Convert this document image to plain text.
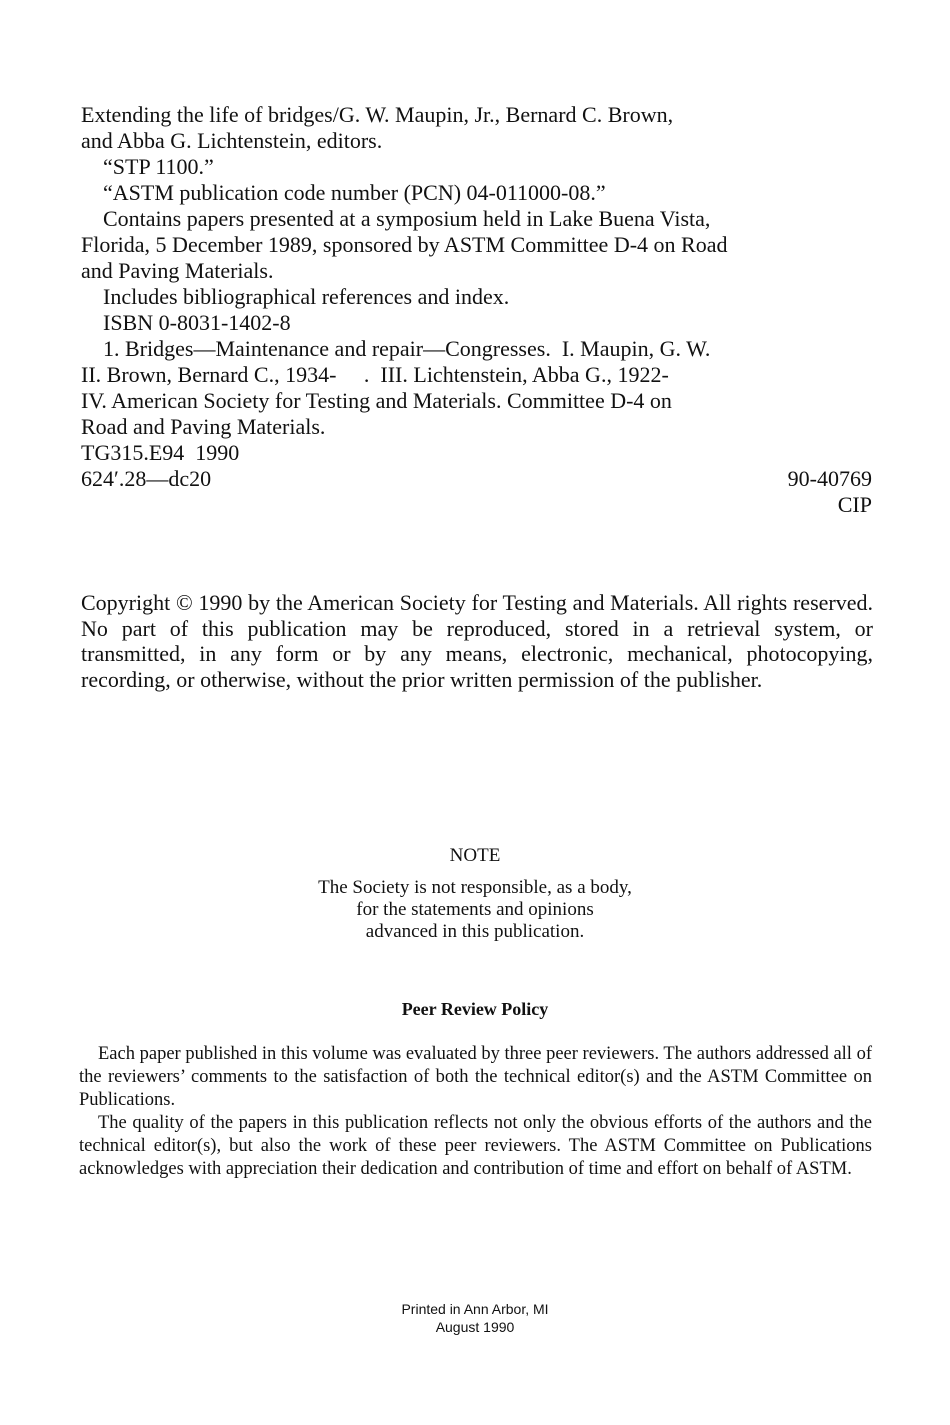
Extending the life of bridges/G. W. Maupin, Jr., Bernard C. Brown,
and Abba G. Lichtenstein, editors.
“STP 1100.”
“ASTM publication code number (PCN) 04-011000-08.”
Contains papers presented at a symposium held in Lake Buena Vista,
Florida, 5 December 1989, sponsored by ASTM Committee D-4 on Road
and Paving Materials.
Includes bibliographical references and index.
ISBN 0-8031-1402-8
1. Bridges—Maintenance and repair—Congresses.  I. Maupin, G. W.
II. Brown, Bernard C., 1934-     .  III. Lichtenstein, Abba G., 1922-
IV. American Society for Testing and Materials. Committee D-4 on
Road and Paving Materials.
TG315.E94  1990
624′.28—dc20	90-40769
CIP
Copyright © 1990 by the American Society for Testing and Materials. All rights reserved. No part of this publication may be reproduced, stored in a retrieval system, or transmitted, in any form or by any means, electronic, mechanical, photocopying, recording, or otherwise, without the prior written permission of the publisher.
NOTE
The Society is not responsible, as a body,
for the statements and opinions
advanced in this publication.
Peer Review Policy

Each paper published in this volume was evaluated by three peer reviewers. The authors addressed all of the reviewers’ comments to the satisfaction of both the technical editor(s) and the ASTM Committee on Publications.

The quality of the papers in this publication reflects not only the obvious efforts of the authors and the technical editor(s), but also the work of these peer reviewers. The ASTM Committee on Publications acknowledges with appreciation their dedication and contribution of time and effort on behalf of ASTM.

Printed in Ann Arbor, MI
August 1990
